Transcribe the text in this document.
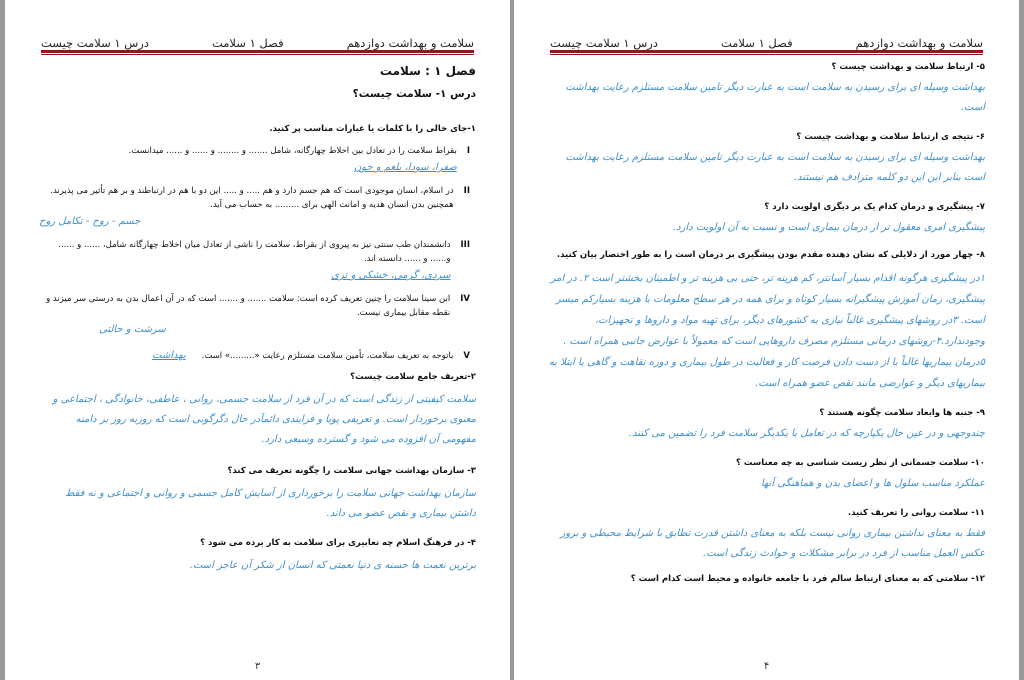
سلامت و بهداشت دوازدهم
فصل ۱ سلامت
درس ۱ سلامت چیست
فصل ۱ : سلامت
درس ۱- سلامت چیست؟
۱-جای خالی را با کلمات یا عبارات مناسب پر کنید.
I
بقراط سلامت را در تعادل بین اخلاط چهارگانه، شامل ....... و ........ و ...... و ...... میدانست.
صفرا، سودا، بلغم و خون
II
در اسلام، انسان موجودی است که هم جسم دارد و هم ..... و ..... این دو با هم در ارتباطند و بر هم تأثیر می پذیرند. همچنین بدن انسان هدیه و امانت الهی برای ......... به حساب می آید.
جسم - روح - تکامل روح
III
دانشمندان طب سنتی نیز به پیروی از بقراط، سلامت را ناشی از تعادل میان اخلاط چهارگانه شامل، ...... و ...... و...... و ...... دانسته اند.
سردی، گرمی، خشکی و تری
IV
ابن سینا سلامت را چنین تعریف کرده است: سلامت ....... و ....... است که در آن اعمال بدن به درستی سر میزند و نقطه مقابل بیماری نیست.
سرشت و حالتی
V
باتوجه به تعریف سلامت، تأمین سلامت مستلزم رعایت «.........» است.
بهداشت
۲-تعریف جامع سلامت چیست؟
سلامت کیفیتی از زندگی است که در آن فرد از سلامت جسمی، روانی ، عاطفی، خانوادگی ، اجتماعی و معنوی برخوردار است. و تعریفی پویا و فرایندی دائماَدر حال دگرگونی است که روزبه روز بر دامنه مفهومی آن افزوده می شود و گسترده وسیعی دارد.
۳- سازمان بهداشت جهانی سلامت را چگونه تعریف می کند؟
سازمان بهداشت جهانی سلامت را برخورداری از آسایش کامل جسمی و روانی و اجتماعی و نه فقط داشتن بیماری و نقص عضو می داند.
۴- در فرهنگ اسلام چه تعابیری برای سلامت به کار برده می شود ؟
برترین نعمت ها حسنه ی دنیا نعمتی که انسان از شکر آن عاجز است.
۳
سلامت و بهداشت دوازدهم
فصل ۱ سلامت
درس ۱ سلامت چیست
۵- ارتباط سلامت و بهداشت چیست ؟
بهداشت وسیله ای برای رسیدن به سلامت است به عبارت دیگر تامین سلامت مستلزم رعایت بهداشت است.
۶- نتیجه ی ارتباط سلامت و بهداشت چیست ؟
بهداشت وسیله ای برای رسیدن به سلامت است به عبارت دیگر تامین سلامت مستلزم رعایت بهداشت است بنابر این این دو کلمه مترادف هم نیستند.
۷- پیشگیری و درمان کدام یک بر دیگری اولویت دارد ؟
پیشگیری امری معقول تر از درمان بیماری است و نسبت به آن اولویت دارد.
۸- چهار مورد از دلایلی که نشان دهنده مقدم بودن پیشگیری بر درمان است را به طور اختصار بیان کنید.
۱در پیشگیری هرگونه اقدام بسیار آسانتر، کم هزینه تر، حتی بی هزینه تر و اطمینان بخشتر است ۲. در امر پیشگیری، زمان آموزش پیشگیرانه بسیار کوتاه و برای همه در هر سطح معلومات با هزینه بسیارکم میسر است. ۳در روشهای پیشگیری غالباً نیازی به کشورهای دیگر، برای تهیه مواد و داروها و تجهیزات، وجودندارد.۴-روشهای درمانی مستلزم مصرف داروهایی است که معمولاً با عوارض جانبی همراه است . ۵درمان بیماریها غالباً با از دست دادن فرصت کار و فعالیت در طول بیماری و دوره نقاهت و گاهی با ابتلا به بیماریهای دیگر و عوارضی مانند نقص عضو همراه است.
۹- جنبه ها وابعاد سلامت چگونه هستند ؟
چندوجهی و در عین حال یکپارچه که در تعامل با یکدیگر سلامت فرد را تضمین می کنند.
۱۰- سلامت جسمانی از نظر زیست شناسی به چه معناست ؟
عملکرد مناسب سلول ها و اعضای بدن و هماهنگی آنها
۱۱- سلامت روانی را تعریف کنید.
فقط به معنای نداشتن بیماری روانی نیست بلکه به معنای داشتن قدرت تطابق با شرایط محیطی و بروز عکس العمل مناسب از فرد در برابر مشکلات و حوادث زندگی است.
۱۲- سلامتی که به معنای ارتباط سالم فرد با جامعه خانواده و محیط است کدام است ؟
۴
